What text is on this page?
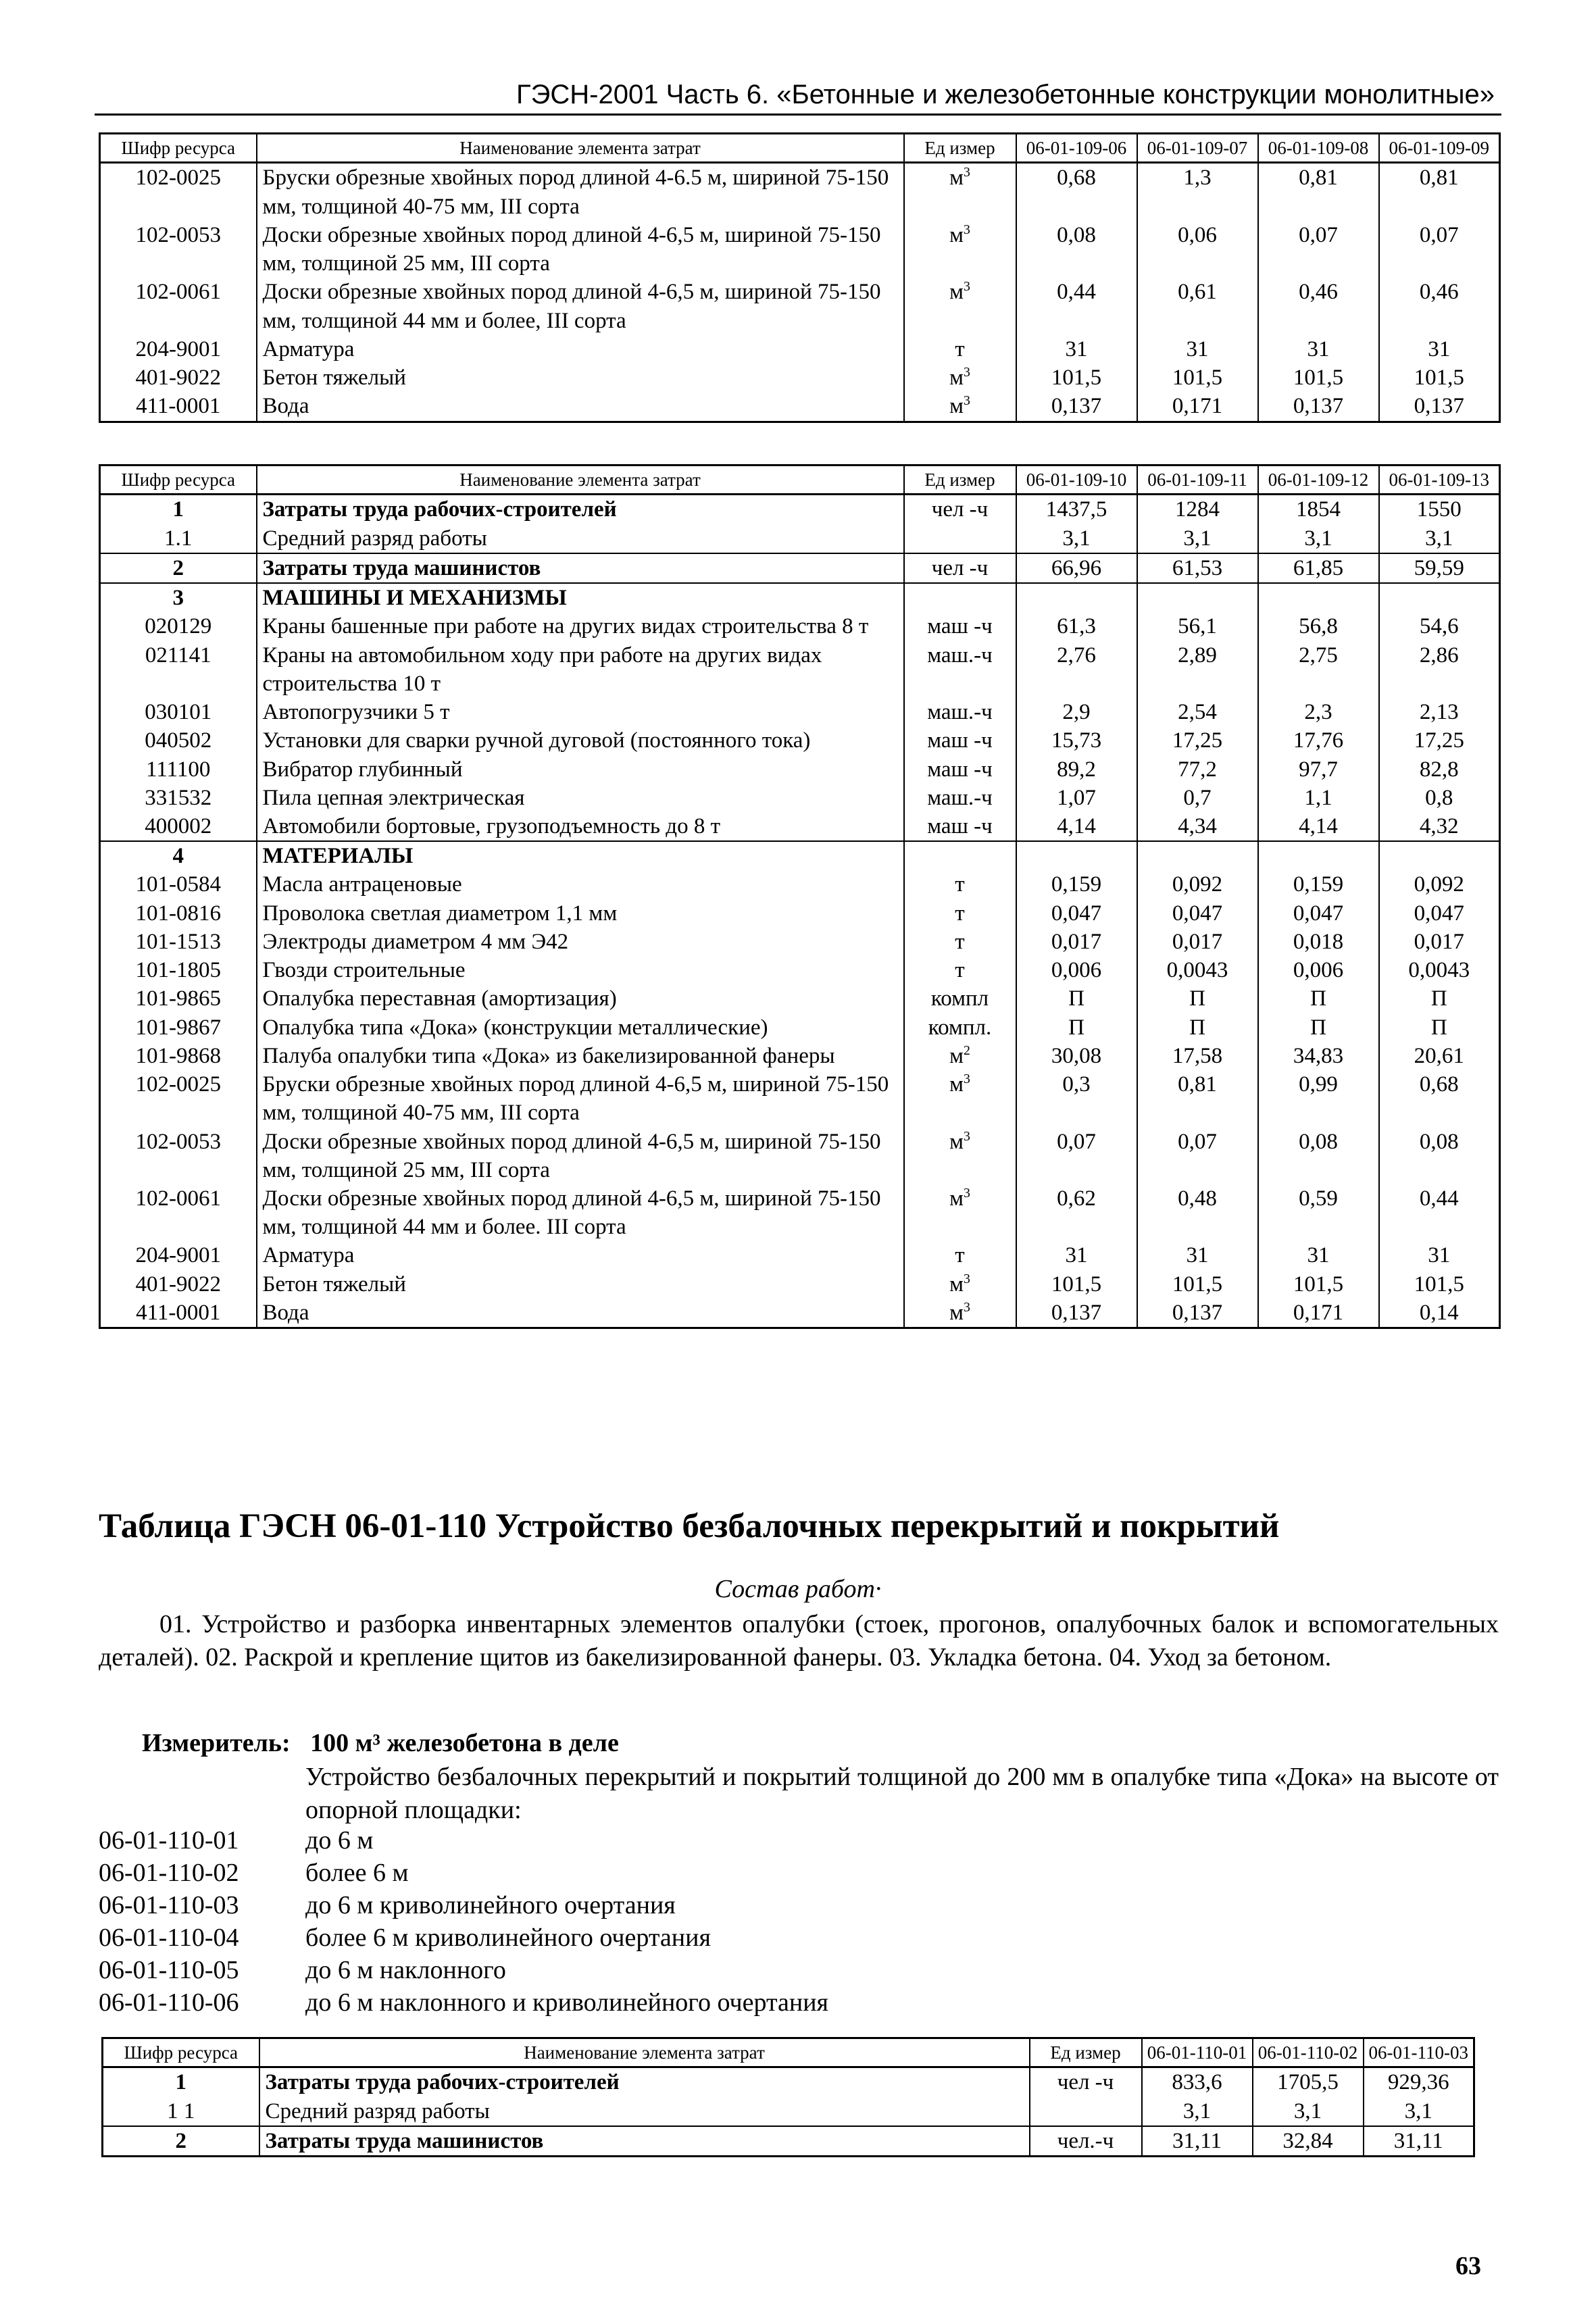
ГЭСН-2001 Часть 6. «Бетонные и железобетонные конструкции монолитные»
Шифр ресурса	Наименование элемента затрат	Ед измер	06-01-109-06	06-01-109-07	06-01-109-08	06-01-109-09
102-0025	Бруски обрезные хвойных пород длиной 4-6.5 м, шириной 75-150 мм, толщиной 40-75 мм, III сорта	$м^3$	0,68	1,3	0,81	0,81
102-0053	Доски обрезные хвойных пород длиной 4-6,5 м, шириной 75-150 мм, толщиной 25 мм, III сорта	$м^3$	0,08	0,06	0,07	0,07
102-0061	Доски обрезные хвойных пород длиной 4-6,5 м, шириной 75-150 мм, толщиной 44 мм и более, III сорта	$м^3$	0,44	0,61	0,46	0,46
204-9001	Арматура	т	31	31	31	31
401-9022	Бетон тяжелый	$м^3$	101,5	101,5	101,5	101,5
411-0001	Вода	$м^3$	0,137	0,171	0,137	0,137
Шифр ресурса	Наименование элемента затрат	Ед измер	06-01-109-10	06-01-109-11	06-01-109-12	06-01-109-13
1	Затраты труда рабочих-строителей	чел -ч	1437,5	1284	1854	1550
1.1	Средний разряд работы		3,1	3,1	3,1	3,1
2	Затраты труда машинистов	чел -ч	66,96	61,53	61,85	59,59
3	МАШИНЫ И МЕХАНИЗМЫ					
020129	Краны башенные при работе на других видах строительства 8 т	маш -ч	61,3	56,1	56,8	54,6
021141	Краны на автомобильном ходу при работе на других видах строительства 10 т	маш.-ч	2,76	2,89	2,75	2,86
030101	Автопогрузчики 5 т	маш.-ч	2,9	2,54	2,3	2,13
040502	Установки для сварки ручной дуговой (постоянного тока)	маш -ч	15,73	17,25	17,76	17,25
111100	Вибратор глубинный	маш -ч	89,2	77,2	97,7	82,8
331532	Пила цепная электрическая	маш.-ч	1,07	0,7	1,1	0,8
400002	Автомобили бортовые, грузоподъемность до 8 т	маш -ч	4,14	4,34	4,14	4,32
4	МАТЕРИАЛЫ					
101-0584	Масла антраценовые	т	0,159	0,092	0,159	0,092
101-0816	Проволока светлая диаметром 1,1 мм	т	0,047	0,047	0,047	0,047
101-1513	Электроды диаметром 4 мм Э42	т	0,017	0,017	0,018	0,017
101-1805	Гвозди строительные	т	0,006	0,0043	0,006	0,0043
101-9865	Опалубка переставная (амортизация)	компл	П	П	П	П
101-9867	Опалубка типа «Дока» (конструкции металлические)	компл.	П	П	П	П
101-9868	Палуба опалубки типа «Дока» из бакелизированной фанеры	$м^2$	30,08	17,58	34,83	20,61
102-0025	Бруски обрезные хвойных пород длиной 4-6,5 м, шириной 75-150 мм, толщиной 40-75 мм, III сорта	$м^3$	0,3	0,81	0,99	0,68
102-0053	Доски обрезные хвойных пород длиной 4-6,5 м, шириной 75-150 мм, толщиной 25 мм, III сорта	$м^3$	0,07	0,07	0,08	0,08
102-0061	Доски обрезные хвойных пород длиной 4-6,5 м, шириной 75-150 мм, толщиной 44 мм и более. III сорта	$м^3$	0,62	0,48	0,59	0,44
204-9001	Арматура	т	31	31	31	31
401-9022	Бетон тяжелый	$м^3$	101,5	101,5	101,5	101,5
411-0001	Вода	$м^3$	0,137	0,137	0,171	0,14
Таблица ГЭСН 06-01-110 Устройство безбалочных перекрытий и покрытий
Состав работ·
01. Устройство и разборка инвентарных элементов опалубки (стоек, прогонов, опалубочных балок и вспомогательных деталей). 02. Раскрой и крепление щитов из бакелизированной фанеры. 03. Укладка бетона. 04. Уход за бетоном.
Измеритель: 100 м³ железобетона в деле
Устройство безбалочных перекрытий и покрытий толщиной до 200 мм в опалубке типа «Дока» на высоте от опорной площадки:
06-01-110-01	до 6 м
06-01-110-02	более 6 м
06-01-110-03	до 6 м криволинейного очертания
06-01-110-04	более 6 м криволинейного очертания
06-01-110-05	до 6 м наклонного
06-01-110-06	до 6 м наклонного и криволинейного очертания
Шифр ресурса	Наименование элемента затрат	Ед измер	06-01-110-01	06-01-110-02	06-01-110-03
1	Затраты труда рабочих-строителей	чел -ч	833,6	1705,5	929,36
1 1	Средний разряд работы		3,1	3,1	3,1
2	Затраты труда машинистов	чел.-ч	31,11	32,84	31,11
63
